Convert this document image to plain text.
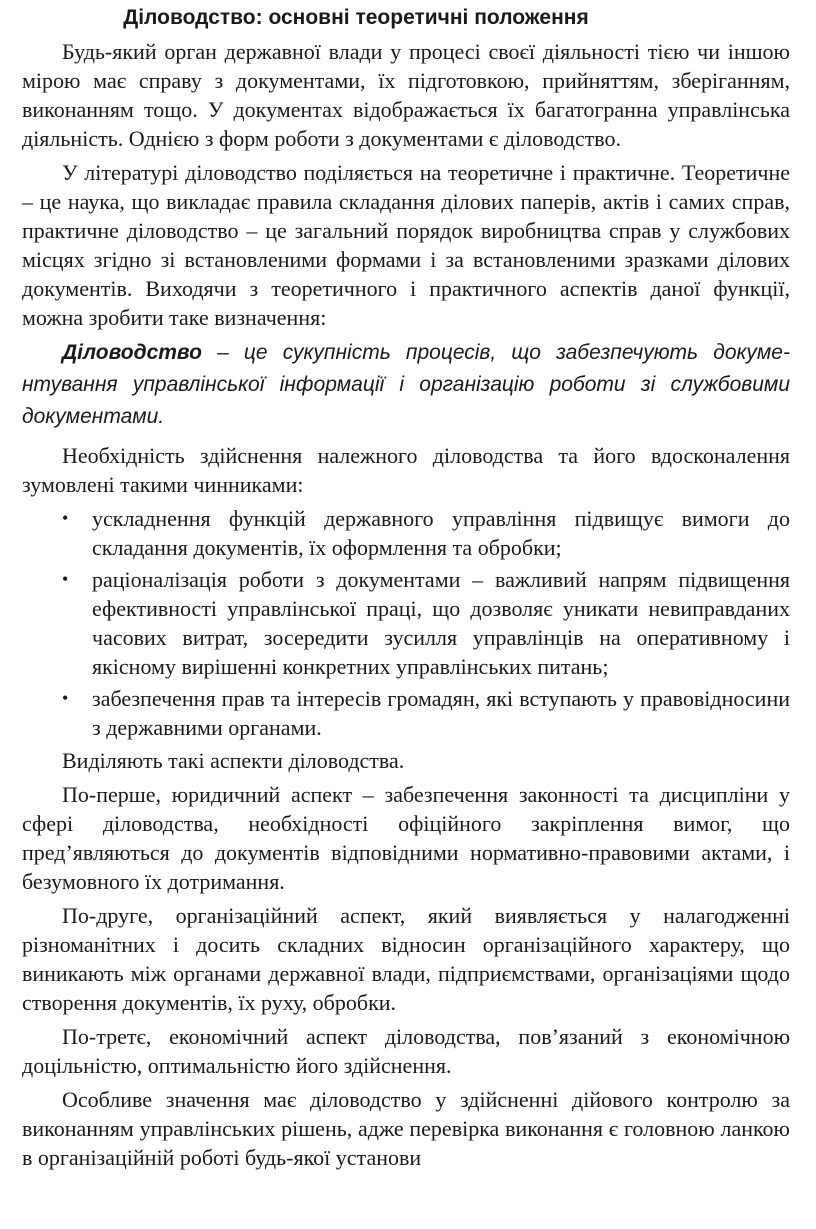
Діловодство: основні теоретичні положення

Будь-який орган державної влади у процесі своєї діяльності тією чи іншою мірою має справу з документами, їх підготовкою, прийняттям, зберіганням, виконанням тощо. У документах відображається їх багатогранна управлінська діяльність. Однією з форм роботи з документами є діловодство.

У літературі діловодство поділяється на теоретичне і практичне. Теоретичне – це наука, що викладає правила складання ділових паперів, актів і самих справ, практичне діловодство – це загальний порядок виробництва справ у службових місцях згідно зі встановленими формами і за встановленими зразками ділових документів. Виходячи з теоретичного і практичного аспектів даної функції, можна зробити таке визначення:

Діловодство – це сукупність процесів, що забезпечують документування управлінської інформації і організацію роботи зі службовими документами.

Необхідність здійснення належного діловодства та його вдосконалення зумовлені такими чинниками:

• ускладнення функцій державного управління підвищує вимоги до складання документів, їх оформлення та обробки;
• раціоналізація роботи з документами – важливий напрям підвищення ефективності управлінської праці, що дозволяє уникати невиправданих часових витрат, зосередити зусилля управлінців на оперативному і якісному вирішенні конкретних управлінських питань;
• забезпечення прав та інтересів громадян, які вступають у правовідносини з державними органами.

Виділяють такі аспекти діловодства.

По-перше, юридичний аспект – забезпечення законності та дисципліни у сфері діловодства, необхідності офіційного закріплення вимог, що пред’являються до документів відповідними нормативно-правовими актами, і безумовного їх дотримання.

По-друге, організаційний аспект, який виявляється у налагодженні різноманітних і досить складних відносин організаційного характеру, що виникають між органами державної влади, підприємствами, організаціями щодо створення документів, їх руху, обробки.

По-третє, економічний аспект діловодства, пов’язаний з економічною доцільністю, оптимальністю його здійснення.

Особливе значення має діловодство у здійсненні дійового контролю за виконанням управлінських рішень, адже перевірка виконання є головною ланкою в організаційній роботі будь-якої установи
